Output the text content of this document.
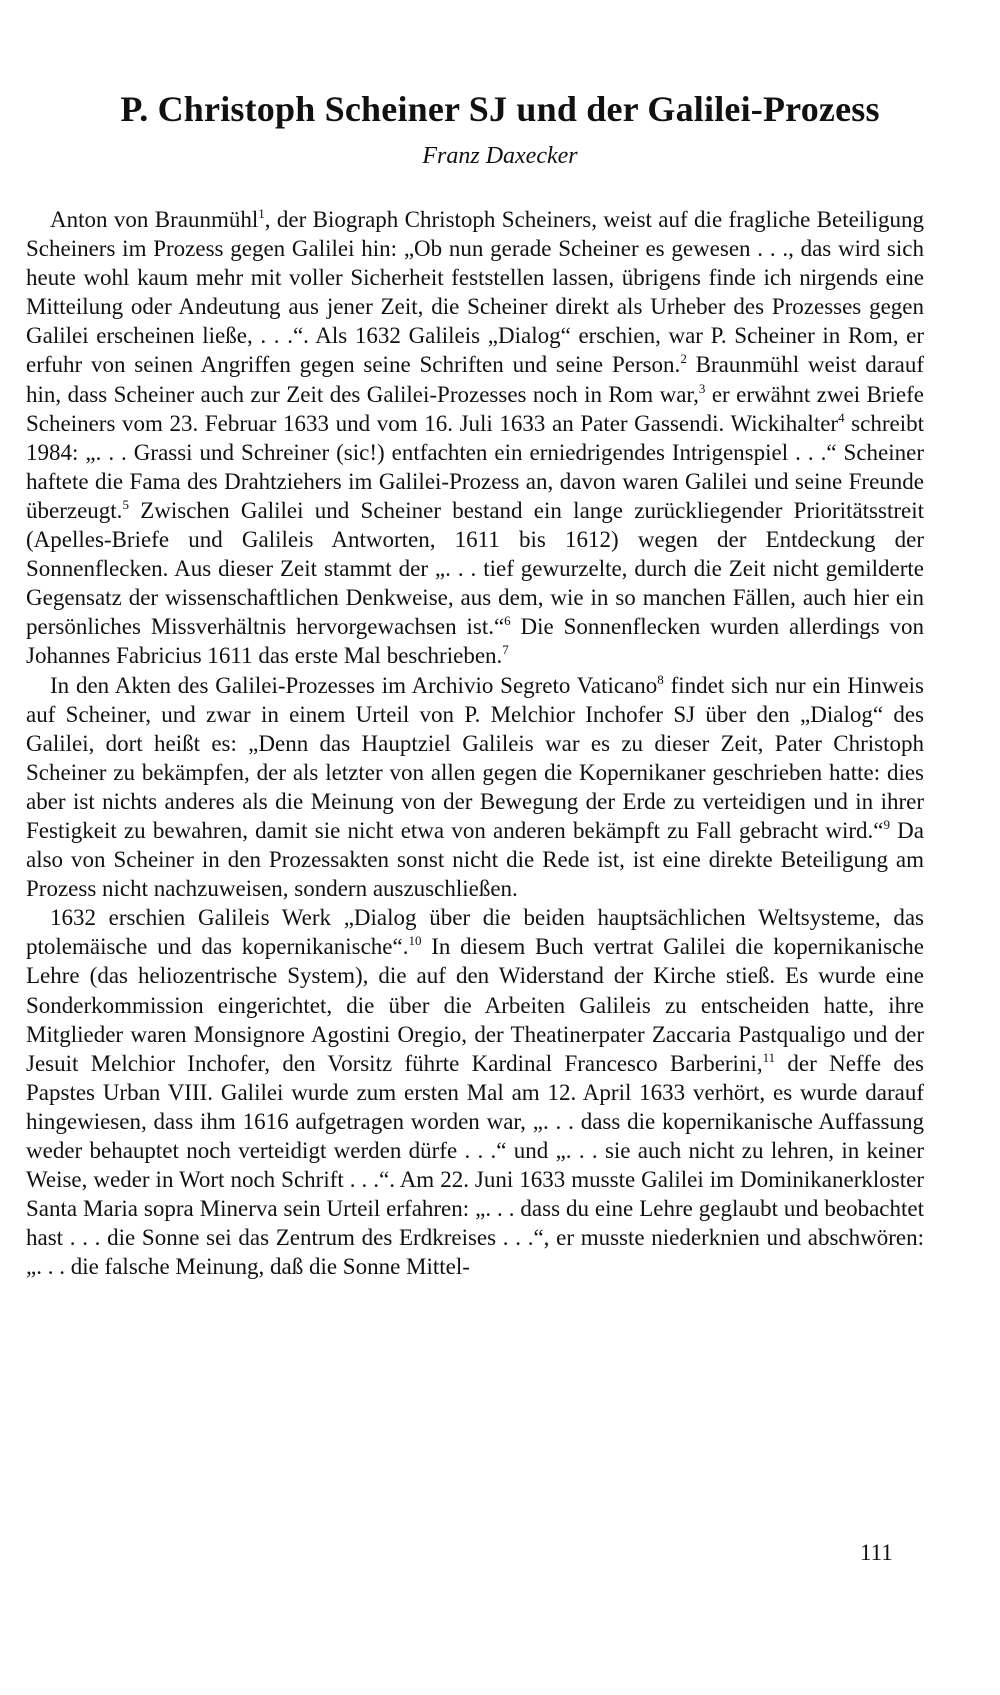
P. Christoph Scheiner SJ und der Galilei-Prozess
Franz Daxecker

Anton von Braunmühl$^1$, der Biograph Christoph Scheiners, weist auf die fragliche Beteiligung Scheiners im Prozess gegen Galilei hin: „Ob nun gerade Scheiner es gewesen . . ., das wird sich heute wohl kaum mehr mit voller Sicherheit feststellen lassen, übrigens finde ich nirgends eine Mitteilung oder Andeutung aus jener Zeit, die Scheiner direkt als Urheber des Prozesses gegen Galilei erscheinen ließe, . . .“. Als 1632 Galileis „Dialog“ erschien, war P. Scheiner in Rom, er erfuhr von seinen Angriffen gegen seine Schriften und seine Person.$^2$ Braunmühl weist darauf hin, dass Scheiner auch zur Zeit des Galilei-Prozesses noch in Rom war,$^3$ er erwähnt zwei Briefe Scheiners vom 23. Februar 1633 und vom 16. Juli 1633 an Pater Gassendi. Wickihalter$^4$ schreibt 1984: „. . . Grassi und Schreiner (sic!) entfachten ein erniedrigendes Intrigenspiel . . .“ Scheiner haftete die Fama des Drahtziehers im Galilei-Prozess an, davon waren Galilei und seine Freunde überzeugt.$^5$ Zwischen Galilei und Scheiner bestand ein lange zurückliegender Prioritätsstreit (Apelles-Briefe und Galileis Antworten, 1611 bis 1612) wegen der Entdeckung der Sonnenflecken. Aus dieser Zeit stammt der „. . . tief gewurzelte, durch die Zeit nicht gemilderte Gegensatz der wissenschaftlichen Denkweise, aus dem, wie in so manchen Fällen, auch hier ein persönliches Missverhältnis hervorgewachsen ist.“$^6$ Die Sonnenflecken wurden allerdings von Johannes Fabricius 1611 das erste Mal beschrieben.$^7$

In den Akten des Galilei-Prozesses im Archivio Segreto Vaticano$^8$ findet sich nur ein Hinweis auf Scheiner, und zwar in einem Urteil von P. Melchior Inchofer SJ über den „Dialog“ des Galilei, dort heißt es: „Denn das Hauptziel Galileis war es zu dieser Zeit, Pater Christoph Scheiner zu bekämpfen, der als letzter von allen gegen die Kopernikaner geschrieben hatte: dies aber ist nichts anderes als die Meinung von der Bewegung der Erde zu verteidigen und in ihrer Festigkeit zu bewahren, damit sie nicht etwa von anderen bekämpft zu Fall gebracht wird.“$^9$ Da also von Scheiner in den Prozessakten sonst nicht die Rede ist, ist eine direkte Beteiligung am Prozess nicht nachzuweisen, sondern auszuschließen.

1632 erschien Galileis Werk „Dialog über die beiden hauptsächlichen Weltsysteme, das ptolemäische und das kopernikanische“.$^{10}$ In diesem Buch vertrat Galilei die kopernikanische Lehre (das heliozentrische System), die auf den Widerstand der Kirche stieß. Es wurde eine Sonderkommission eingerichtet, die über die Arbeiten Galileis zu entscheiden hatte, ihre Mitglieder waren Monsignore Agostini Oregio, der Theatinerpater Zaccaria Pastqualigo und der Jesuit Melchior Inchofer, den Vorsitz führte Kardinal Francesco Barberini,$^{11}$ der Neffe des Papstes Urban VIII. Galilei wurde zum ersten Mal am 12. April 1633 verhört, es wurde darauf hingewiesen, dass ihm 1616 aufgetragen worden war, „. . . dass die kopernikanische Auffassung weder behauptet noch verteidigt werden dürfe . . .“ und „. . . sie auch nicht zu lehren, in keiner Weise, weder in Wort noch Schrift . . .“. Am 22. Juni 1633 musste Galilei im Dominikanerkloster Santa Maria sopra Minerva sein Urteil erfahren: „. . . dass du eine Lehre geglaubt und beobachtet hast . . . die Sonne sei das Zentrum des Erdkreises . . .“, er musste niederknien und abschwören: „. . . die falsche Meinung, daß die Sonne Mittel-

111
